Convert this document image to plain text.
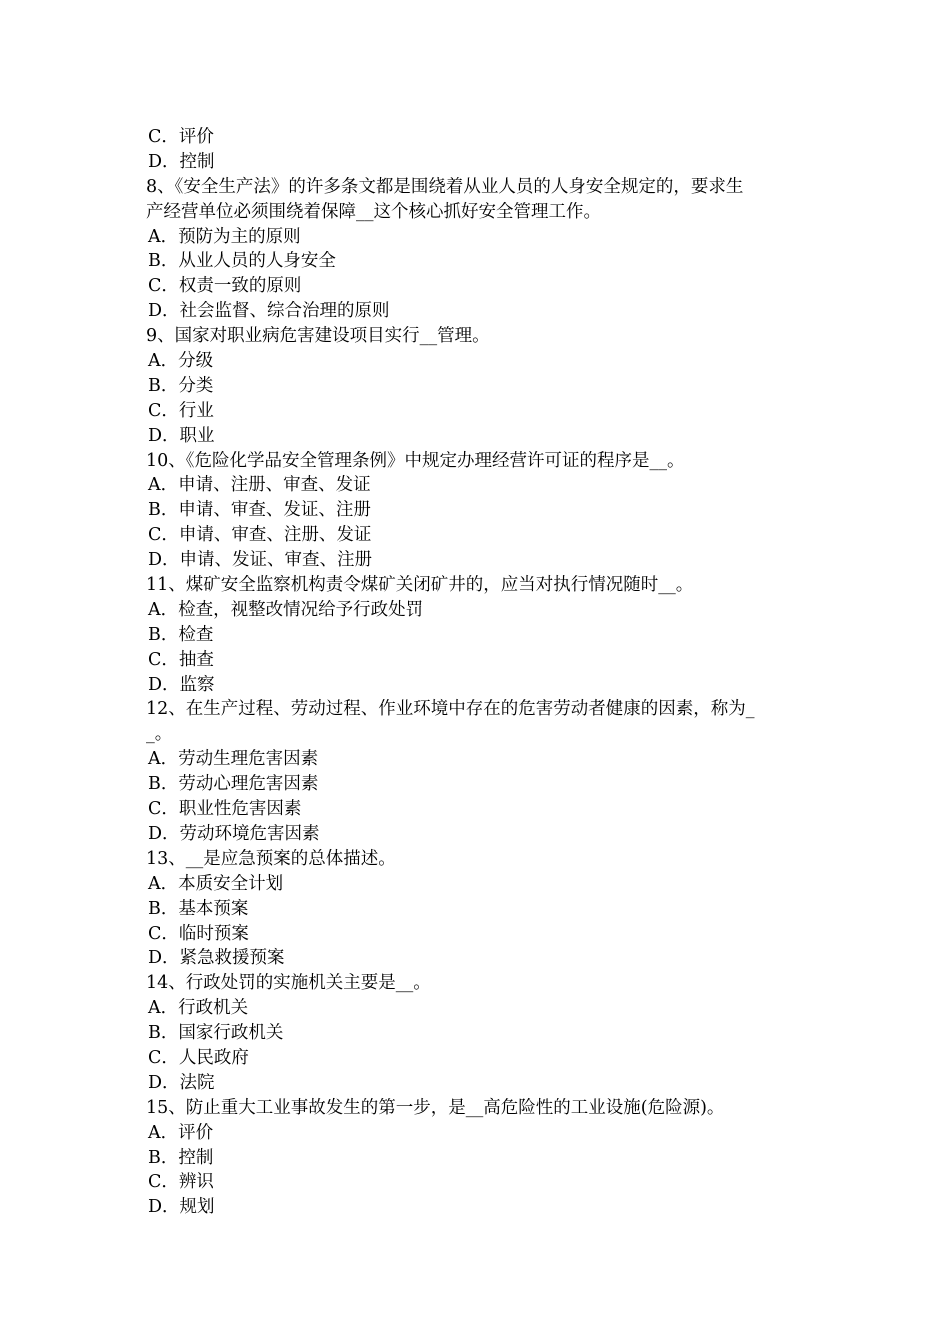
C．评价
D．控制
8、《安全生产法》的许多条文都是围绕着从业人员的人身安全规定的，要求生
产经营单位必须围绕着保障__这个核心抓好安全管理工作。
A．预防为主的原则
B．从业人员的人身安全
C．权责一致的原则
D．社会监督、综合治理的原则
9、国家对职业病危害建设项目实行__管理。
A．分级
B．分类
C．行业
D．职业
10、《危险化学品安全管理条例》中规定办理经营许可证的程序是__。
A．申请、注册、审查、发证
B．申请、审查、发证、注册
C．申请、审查、注册、发证
D．申请、发证、审查、注册
11、煤矿安全监察机构责令煤矿关闭矿井的，应当对执行情况随时__。
A．检查，视整改情况给予行政处罚
B．检查
C．抽查
D．监察
12、在生产过程、劳动过程、作业环境中存在的危害劳动者健康的因素，称为_
_。
A．劳动生理危害因素
B．劳动心理危害因素
C．职业性危害因素
D．劳动环境危害因素
13、__是应急预案的总体描述。
A．本质安全计划
B．基本预案
C．临时预案
D．紧急救援预案
14、行政处罚的实施机关主要是__。
A．行政机关
B．国家行政机关
C．人民政府
D．法院
15、防止重大工业事故发生的第一步，是__高危险性的工业设施(危险源)。
A．评价
B．控制
C．辨识
D．规划
